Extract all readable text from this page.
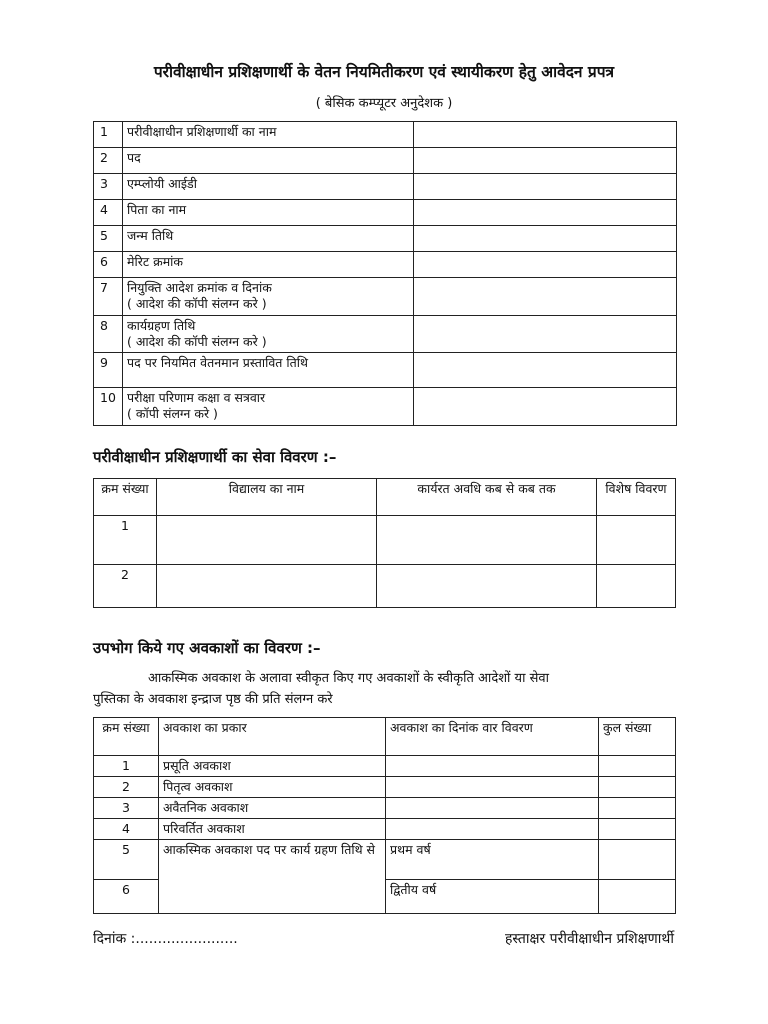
परीवीक्षाधीन प्रशिक्षणार्थी के वेतन नियमितीकरण एवं स्थायीकरण हेतु आवेदन प्रपत्र
( बेसिक कम्प्यूटर अनुदेशक )
1	परीवीक्षाधीन प्रशिक्षणार्थी का नाम	
2	पद	
3	एम्प्लोयी आईडी	
4	पिता का नाम	
5	जन्म तिथि	
6	मेरिट क्रमांक	
7	नियुक्ति आदेश क्रमांक व दिनांक
( आदेश की कॉपी संलग्न करे )	

8	कार्यग्रहण तिथि
( आदेश की कॉपी संलग्न करे )	

9	पद पर नियमित वेतनमान प्रस्तावित तिथि	
10	परीक्षा परिणाम कक्षा व सत्रवार
( कॉपी संलग्न करे )	

परीवीक्षाधीन प्रशिक्षणार्थी का सेवा विवरण :–
क्रम संख्या	विद्यालय का नाम	कार्यरत अवधि कब से कब तक	विशेष विवरण
1			
2			
उपभोग किये गए अवकाशों का विवरण :–
आकस्मिक अवकाश के अलावा स्वीकृत किए गए अवकाशों के स्वीकृति आदेशों या सेवा
पुस्तिका के अवकाश इन्द्राज पृष्ठ की प्रति संलग्न करे
क्रम संख्या	अवकाश का प्रकार	अवकाश का दिनांक वार विवरण	कुल संख्या
1	प्रसूति अवकाश		
2	पितृत्व अवकाश		
3	अवैतनिक अवकाश		
4	परिवर्तित अवकाश		
5	आकस्मिक अवकाश पद पर कार्य ग्रहण तिथि से	प्रथम वर्ष	
6		द्वितीय वर्ष	
दिनांक :.......................	हस्ताक्षर परीवीक्षाधीन प्रशिक्षणार्थी
